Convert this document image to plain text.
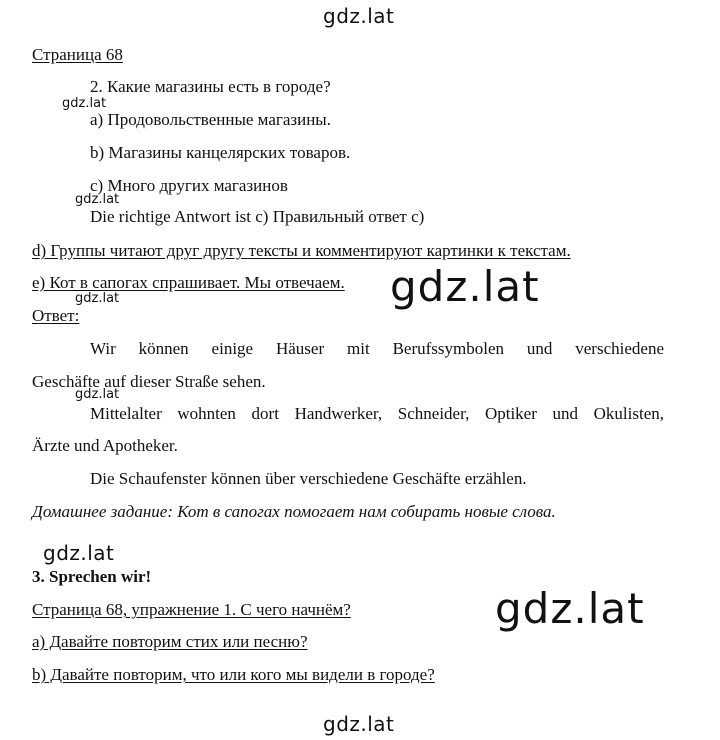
gdz.lat
gdz.lat
gdz.lat
gdz.lat
gdz.lat
gdz.lat
gdz.lat
gdz.lat
gdz.lat
Страница 68
2. Какие магазины есть в городе?
а) Продовольственные магазины.
b) Магазины канцелярских товаров.
c) Много других магазинов
Die richtige Antwort ist c) Правильный ответ c)
d) Группы читают друг другу тексты и комментируют картинки к текстам.
e) Кот в сапогах спрашивает. Мы отвечаем.
Ответ:
Wir können einige Häuser mit Berufssymbolen und verschiedene
Geschäfte auf dieser Straße sehen.
Mittelalter wohnten dort Handwerker, Schneider, Optiker und Okulisten,
Ärzte und Apotheker.
Die Schaufenster können über verschiedene Geschäfte erzählen.
Домашнее задание: Кот в сапогах помогает нам собирать новые слова.
3. Sprechen wir!
Страница 68, упражнение 1. С чего начнём?
а) Давайте повторим стих или песню?
b) Давайте повторим, что или кого мы видели в городе?
